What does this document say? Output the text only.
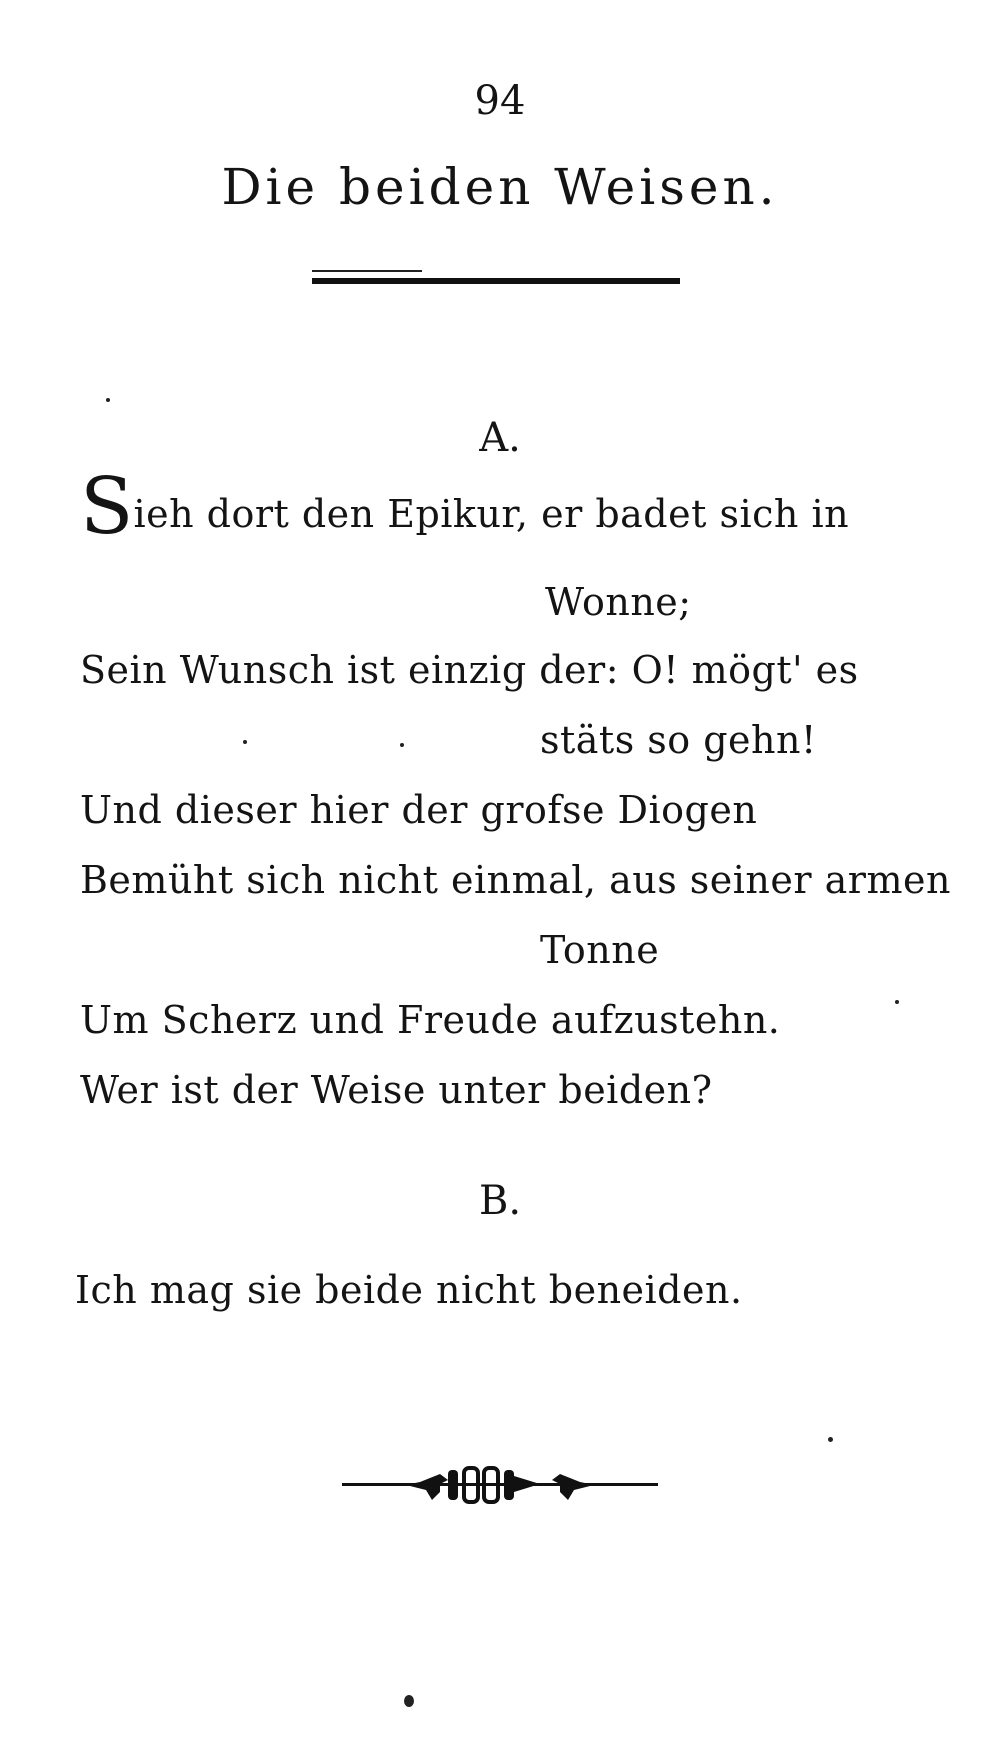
94
Die beiden Weisen.
A.
Sieh dort den Epikur, er badet sich in
Wonne;
Sein Wunsch ist einzig der: O! mögt' es
stäts so gehn!
Und dieser hier der grofse Diogen
Bemüht sich nicht einmal, aus seiner armen
Tonne
Um Scherz und Freude aufzustehn.
Wer ist der Weise unter beiden?
B.
Ich mag sie beide nicht beneiden.
